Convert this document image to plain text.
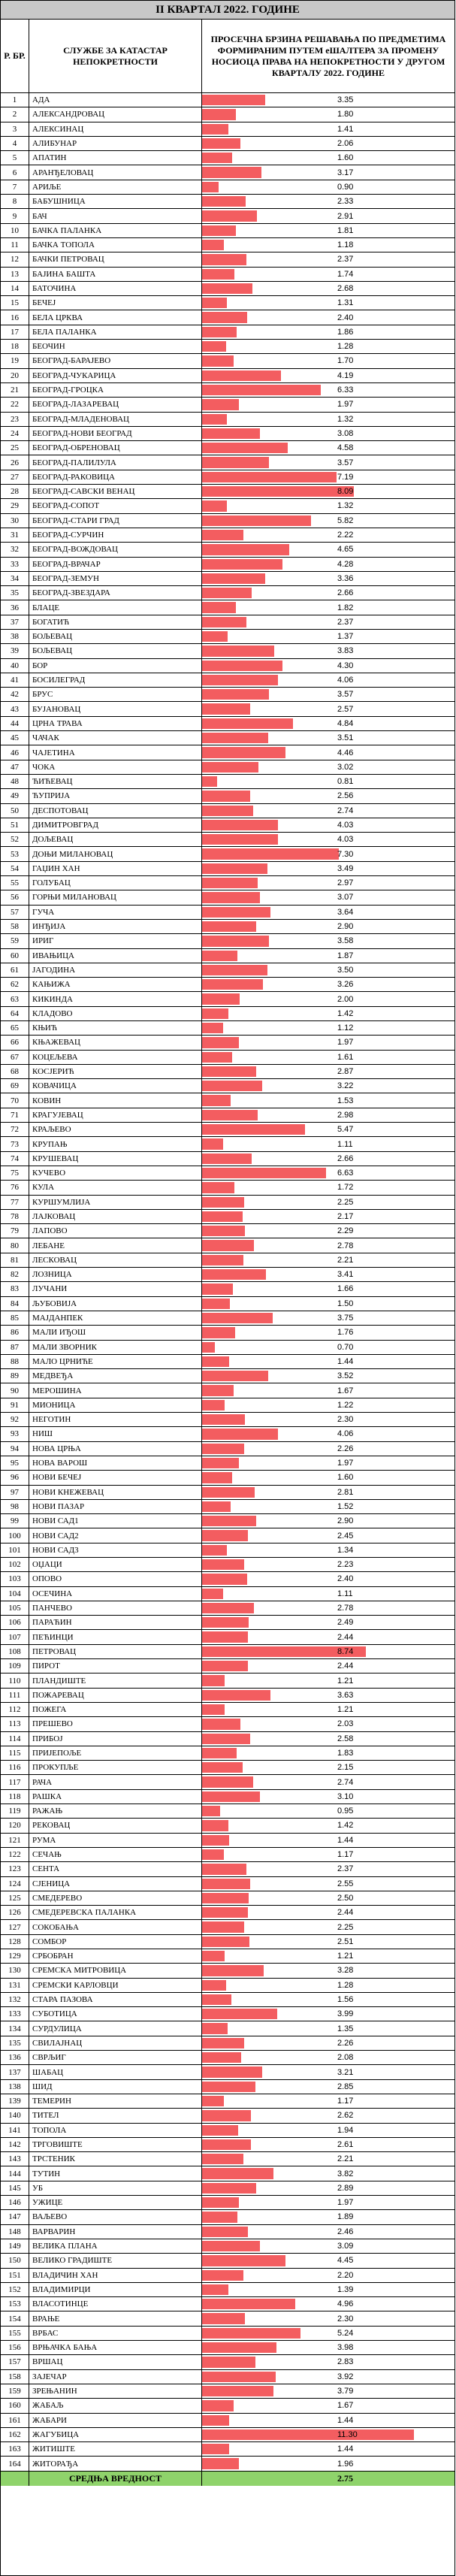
II КВАРТАЛ 2022. ГОДИНЕ
Р. БР.
СЛУЖБЕ ЗА КАТАСТАР НЕПОКРЕТНОСТИ
ПРОСЕЧНА БРЗИНА РЕШАВАЊА ПО ПРЕДМЕТИМА ФОРМИРАНИМ ПУТЕМ еШАЛТЕРА ЗА ПРОМЕНУ НОСИОЦА ПРАВА НА НЕПОКРЕТНОСТИ У ДРУГОМ КВАРТАЛУ 2022. ГОДИНЕ
1	АДА	3.35
2	АЛЕКСАНДРОВАЦ	1.80
3	АЛЕКСИНАЦ	1.41
4	АЛИБУНАР	2.06
5	АПАТИН	1.60
6	АРАНЂЕЛОВАЦ	3.17
7	АРИЉЕ	0.90
8	БАБУШНИЦА	2.33
9	БАЧ	2.91
10	БАЧКА ПАЛАНКА	1.81
11	БАЧКА ТОПОЛА	1.18
12	БАЧКИ ПЕТРОВАЦ	2.37
13	БАЈИНА БАШТА	1.74
14	БАТОЧИНА	2.68
15	БЕЧЕЈ	1.31
16	БЕЛА ЦРКВА	2.40
17	БЕЛА ПАЛАНКА	1.86
18	БЕОЧИН	1.28
19	БЕОГРАД-БАРАЈЕВО	1.70
20	БЕОГРАД-ЧУКАРИЦА	4.19
21	БЕОГРАД-ГРОЦКА	6.33
22	БЕОГРАД-ЛАЗАРЕВАЦ	1.97
23	БЕОГРАД-МЛАДЕНОВАЦ	1.32
24	БЕОГРАД-НОВИ БЕОГРАД	3.08
25	БЕОГРАД-ОБРЕНОВАЦ	4.58
26	БЕОГРАД-ПАЛИЛУЛА	3.57
27	БЕОГРАД-РАКОВИЦА	7.19
28	БЕОГРАД-САВСКИ ВЕНАЦ	8.09
29	БЕОГРАД-СОПОТ	1.32
30	БЕОГРАД-СТАРИ ГРАД	5.82
31	БЕОГРАД-СУРЧИН	2.22
32	БЕОГРАД-ВОЖДОВАЦ	4.65
33	БЕОГРАД-ВРАЧАР	4.28
34	БЕОГРАД-ЗЕМУН	3.36
35	БЕОГРАД-ЗВЕЗДАРА	2.66
36	БЛАЦЕ	1.82
37	БОГАТИЋ	2.37
38	БОЉЕВАЦ	1.37
39	БОЉЕВАЦ	3.83
40	БОР	4.30
41	БОСИЛЕГРАД	4.06
42	БРУС	3.57
43	БУЈАНОВАЦ	2.57
44	ЦРНА ТРАВА	4.84
45	ЧАЧАК	3.51
46	ЧАЈЕТИНА	4.46
47	ЧОКА	3.02
48	ЋИЋЕВАЦ	0.81
49	ЋУПРИЈА	2.56
50	ДЕСПОТОВАЦ	2.74
51	ДИМИТРОВГРАД	4.03
52	ДОЉЕВАЦ	4.03
53	ДОЊИ МИЛАНОВАЦ	7.30
54	ГАЏИН ХАН	3.49
55	ГОЛУБАЦ	2.97
56	ГОРЊИ МИЛАНОВАЦ	3.07
57	ГУЧА	3.64
58	ИНЂИЈА	2.90
59	ИРИГ	3.58
60	ИВАЊИЦА	1.87
61	ЈАГОДИНА	3.50
62	КАЊИЖА	3.26
63	КИКИНДА	2.00
64	КЛАДОВО	1.42
65	КЊИЋ	1.12
66	КЊАЖЕВАЦ	1.97
67	КОЦЕЉЕВА	1.61
68	КОСЈЕРИЋ	2.87
69	КОВАЧИЦА	3.22
70	КОВИН	1.53
71	КРАГУЈЕВАЦ	2.98
72	КРАЉЕВО	5.47
73	КРУПАЊ	1.11
74	КРУШЕВАЦ	2.66
75	КУЧЕВО	6.63
76	КУЛА	1.72
77	КУРШУМЛИЈА	2.25
78	ЛАЈКОВАЦ	2.17
79	ЛАПОВО	2.29
80	ЛЕБАНЕ	2.78
81	ЛЕСКОВАЦ	2.21
82	ЛОЗНИЦА	3.41
83	ЛУЧАНИ	1.66
84	ЉУБОВИЈА	1.50
85	МАЈДАНПЕК	3.75
86	МАЛИ ИЂОШ	1.76
87	МАЛИ ЗВОРНИК	0.70
88	МАЛО ЦРНИЋЕ	1.44
89	МЕДВЕЂА	3.52
90	МЕРОШИНА	1.67
91	МИОНИЦА	1.22
92	НЕГОТИН	2.30
93	НИШ	4.06
94	НОВА ЦРЊА	2.26
95	НОВА ВАРОШ	1.97
96	НОВИ БЕЧЕЈ	1.60
97	НОВИ КНЕЖЕВАЦ	2.81
98	НОВИ ПАЗАР	1.52
99	НОВИ САД1	2.90
100	НОВИ САД2	2.45
101	НОВИ САД3	1.34
102	ОЏАЦИ	2.23
103	ОПОВО	2.40
104	ОСЕЧИНА	1.11
105	ПАНЧЕВО	2.78
106	ПАРАЋИН	2.49
107	ПЕЋИНЦИ	2.44
108	ПЕТРОВАЦ	8.74
109	ПИРОТ	2.44
110	ПЛАНДИШТЕ	1.21
111	ПОЖАРЕВАЦ	3.63
112	ПОЖЕГА	1.21
113	ПРЕШЕВО	2.03
114	ПРИБОЈ	2.58
115	ПРИЈЕПОЉЕ	1.83
116	ПРОКУПЉЕ	2.15
117	РАЧА	2.74
118	РАШКА	3.10
119	РАЖАЊ	0.95
120	РЕКОВАЦ	1.42
121	РУМА	1.44
122	СЕЧАЊ	1.17
123	СЕНТА	2.37
124	СЈЕНИЦА	2.55
125	СМЕДЕРЕВО	2.50
126	СМЕДЕРЕВСКА ПАЛАНКА	2.44
127	СОКОБАЊА	2.25
128	СОМБОР	2.51
129	СРБОБРАН	1.21
130	СРЕМСКА МИТРОВИЦА	3.28
131	СРЕМСКИ КАРЛОВЦИ	1.28
132	СТАРА ПАЗОВА	1.56
133	СУБОТИЦА	3.99
134	СУРДУЛИЦА	1.35
135	СВИЛАЈНАЦ	2.26
136	СВРЉИГ	2.08
137	ШАБАЦ	3.21
138	ШИД	2.85
139	ТЕМЕРИН	1.17
140	ТИТЕЛ	2.62
141	ТОПОЛА	1.94
142	ТРГОВИШТЕ	2.61
143	ТРСТЕНИК	2.21
144	ТУТИН	3.82
145	УБ	2.89
146	УЖИЦЕ	1.97
147	ВАЉЕВО	1.89
148	ВАРВАРИН	2.46
149	ВЕЛИКА ПЛАНА	3.09
150	ВЕЛИКО ГРАДИШТЕ	4.45
151	ВЛАДИЧИН ХАН	2.20
152	ВЛАДИМИРЦИ	1.39
153	ВЛАСОТИНЦЕ	4.96
154	ВРАЊЕ	2.30
155	ВРБАС	5.24
156	ВРЊАЧКА БАЊА	3.98
157	ВРШАЦ	2.83
158	ЗАЈЕЧАР	3.92
159	ЗРЕЊАНИН	3.79
160	ЖАБАЉ	1.67
161	ЖАБАРИ	1.44
162	ЖАГУБИЦА	11.30
163	ЖИТИШТЕ	1.44
164	ЖИТОРАЂА	1.96
СРЕДЊА ВРЕДНОСТ	2.75
